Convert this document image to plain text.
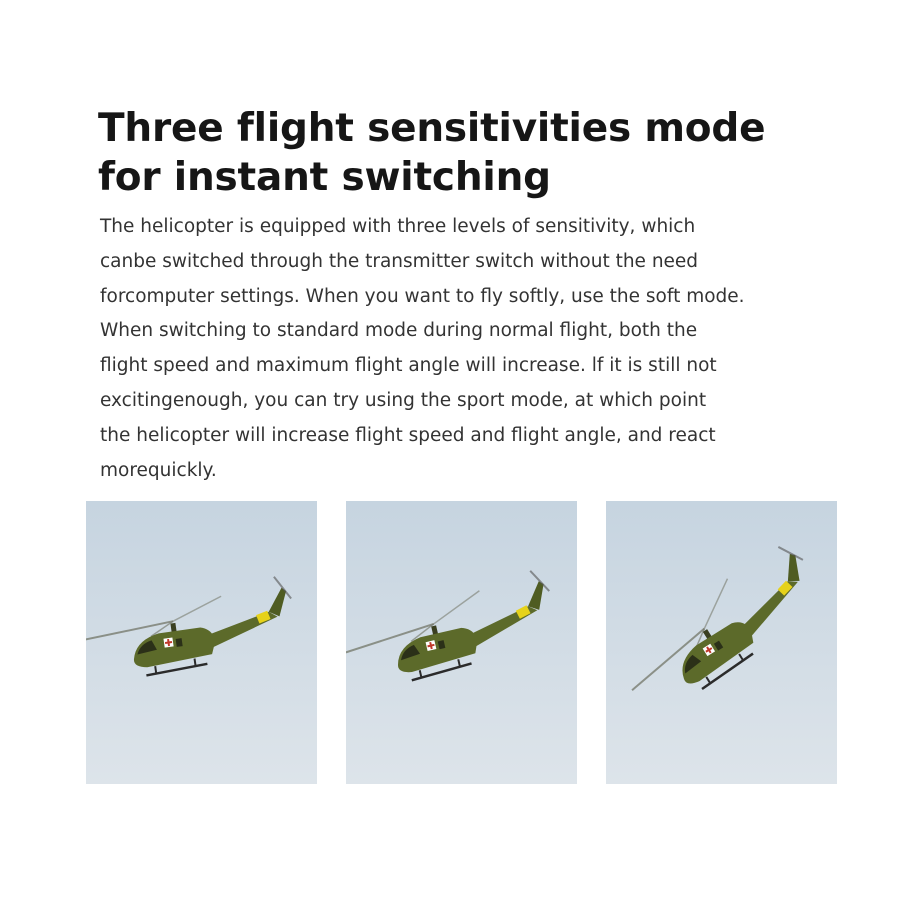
Three flight sensitivities mode
for instant switching
The helicopter is equipped with three levels of sensitivity, which
canbe switched through the transmitter switch without the need
forcomputer settings. When you want to fly softly, use the soft mode.
When switching to standard mode during normal flight, both the
flight speed and maximum flight angle will increase. lf it is still not
excitingenough, you can try using the sport mode, at which point
the helicopter will increase flight speed and flight angle, and react
morequickly.
